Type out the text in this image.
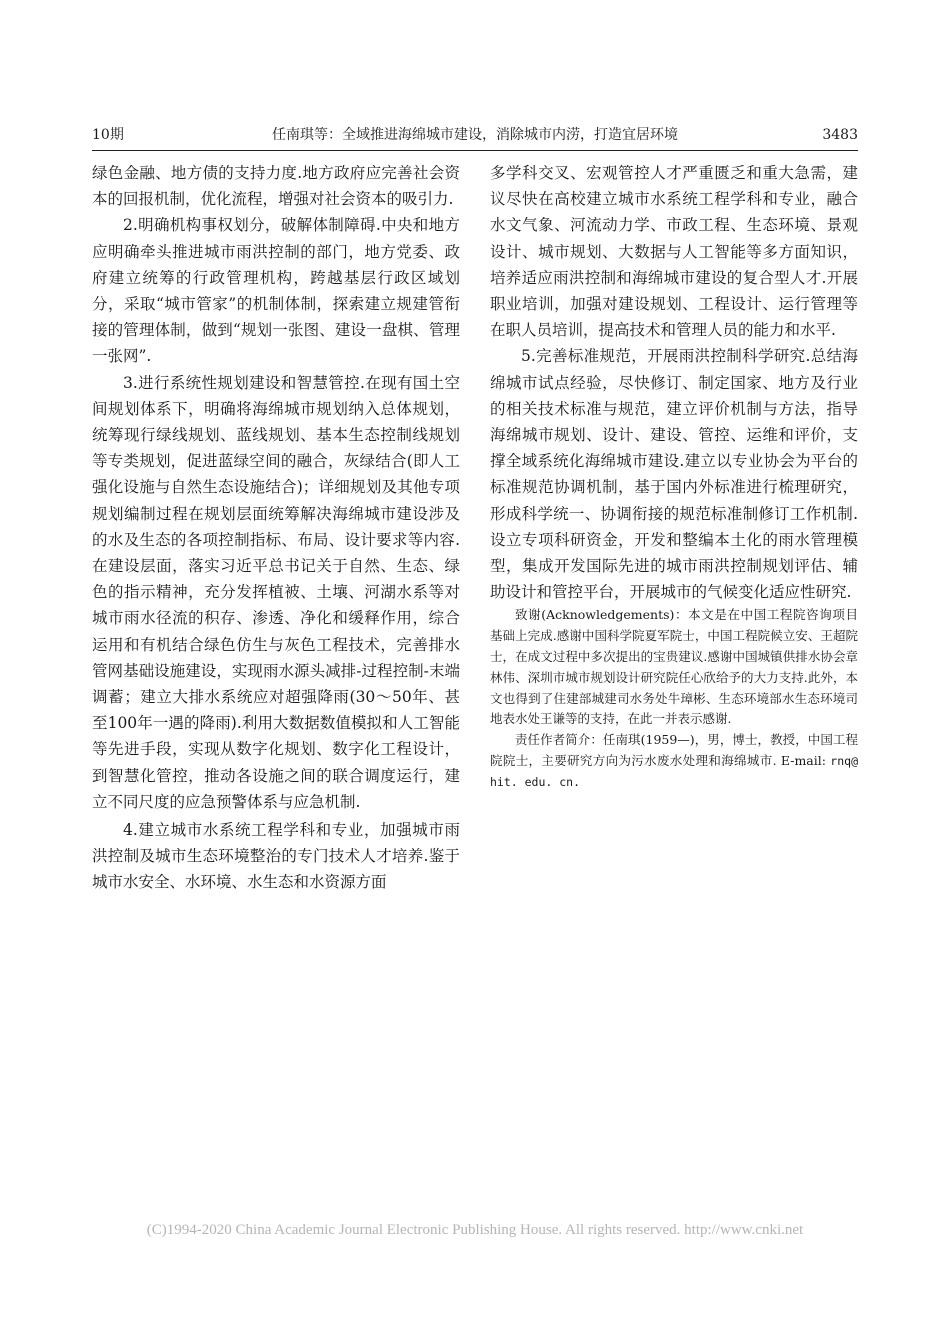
任南琪等：全域推进海绵城市建设，消除城市内涝，打造宜居环境
10期	3483

绿色金融、地方债的支持力度.地方政府应完善社会资本的回报机制，优化流程，增强对社会资本的吸引力.

2.明确机构事权划分，破解体制障碍.中央和地方应明确牵头推进城市雨洪控制的部门，地方党委、政府建立统筹的行政管理机构，跨越基层行政区域划分，采取“城市管家”的机制体制，探索建立规建管衔接的管理体制，做到“规划一张图、建设一盘棋、管理一张网”.

3.进行系统性规划建设和智慧管控.在现有国土空间规划体系下，明确将海绵城市规划纳入总体规划，统筹现行绿线规划、蓝线规划、基本生态控制线规划等专类规划，促进蓝绿空间的融合，灰绿结合(即人工强化设施与自然生态设施结合)；详细规划及其他专项规划编制过程在规划层面统筹解决海绵城市建设涉及的水及生态的各项控制指标、布局、设计要求等内容.在建设层面，落实习近平总书记关于自然、生态、绿色的指示精神，充分发挥植被、土壤、河湖水系等对城市雨水径流的积存、渗透、净化和缓释作用，综合运用和有机结合绿色仿生与灰色工程技术，完善排水管网基础设施建设，实现雨水源头减排-过程控制-末端调蓄；建立大排水系统应对超强降雨(30～50年、甚至100年一遇的降雨).利用大数据数值模拟和人工智能等先进手段，实现从数字化规划、数字化工程设计，到智慧化管控，推动各设施之间的联合调度运行，建立不同尺度的应急预警体系与应急机制.

4.建立城市水系统工程学科和专业，加强城市雨洪控制及城市生态环境整治的专门技术人才培养.鉴于城市水安全、水环境、水生态和水资源方面

多学科交叉、宏观管控人才严重匮乏和重大急需，建议尽快在高校建立城市水系统工程学科和专业，融合水文气象、河流动力学、市政工程、生态环境、景观设计、城市规划、大数据与人工智能等多方面知识，培养适应雨洪控制和海绵城市建设的复合型人才.开展职业培训，加强对建设规划、工程设计、运行管理等在职人员培训，提高技术和管理人员的能力和水平.

5.完善标准规范，开展雨洪控制科学研究.总结海绵城市试点经验，尽快修订、制定国家、地方及行业的相关技术标准与规范，建立评价机制与方法，指导海绵城市规划、设计、建设、管控、运维和评价，支撑全域系统化海绵城市建设.建立以专业协会为平台的标准规范协调机制，基于国内外标准进行梳理研究，形成科学统一、协调衔接的规范标准制修订工作机制.设立专项科研资金，开发和整编本土化的雨水管理模型，集成开发国际先进的城市雨洪控制规划评估、辅助设计和管控平台，开展城市的气候变化适应性研究.

致谢(Acknowledgements)：本文是在中国工程院咨询项目基础上完成.感谢中国科学院夏军院士，中国工程院候立安、王超院士，在成文过程中多次提出的宝贵建议.感谢中国城镇供排水协会章林伟、深圳市城市规划设计研究院任心欣给予的大力支持.此外，本文也得到了住建部城建司水务处牛璋彬、生态环境部水生态环境司地表水处王谦等的支持，在此一并表示感谢.

责任作者简介：任南琪(1959—)，男，博士，教授，中国工程院院士，主要研究方向为污水废水处理和海绵城市. E-mail: rnq@ hit. edu. cn.

(C)1994-2020 China Academic Journal Electronic Publishing House. All rights reserved. http://www.cnki.net
